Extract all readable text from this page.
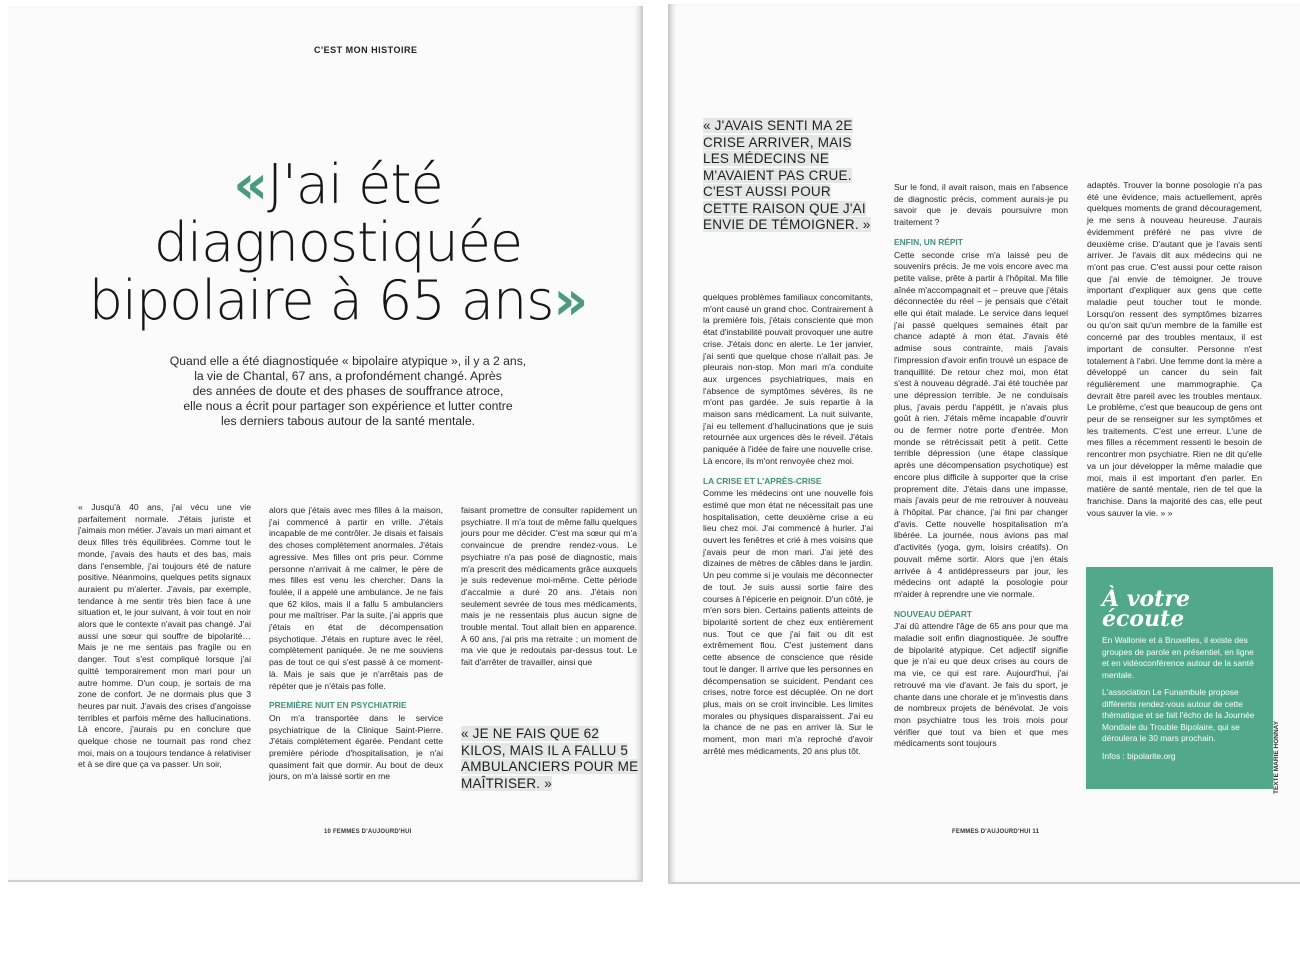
C'EST MON HISTOIRE
«J'ai été
diagnostiquée
bipolaire à 65 ans»
Quand elle a été diagnostiquée « bipolaire atypique », il y a 2 ans,
la vie de Chantal, 67 ans, a profondément changé. Après
des années de doute et des phases de souffrance atroce,
elle nous a écrit pour partager son expérience et lutter contre
les derniers tabous autour de la santé mentale.

« Jusqu'à 40 ans, j'ai vécu une vie parfaitement normale. J'étais juriste et j'aimais mon métier. J'avais un mari aimant et deux filles très équilibrées. Comme tout le monde, j'avais des hauts et des bas, mais dans l'ensemble, j'ai toujours été de nature positive. Néanmoins, quelques petits signaux auraient pu m'alerter. J'avais, par exemple, tendance à me sentir très bien face à une situation et, le jour suivant, à voir tout en noir alors que le contexte n'avait pas changé. J'ai aussi une sœur qui souffre de bipolarité… Mais je ne me sentais pas fragile ou en danger. Tout s'est compliqué lorsque j'ai quitté temporairement mon mari pour un autre homme. D'un coup, je sortais de ma zone de confort. Je ne dormais plus que 3 heures par nuit. J'avais des crises d'angoisse terribles et parfois même des hallucinations. Là encore, j'aurais pu en conclure que quelque chose ne tournait pas rond chez moi, mais on a toujours tendance à relativiser et à se dire que ça va passer. Un soir,

alors que j'étais avec mes filles à la maison, j'ai commencé à partir en vrille. J'étais incapable de me contrôler. Je disais et faisais des choses complètement anormales. J'étais agressive. Mes filles ont pris peur. Comme personne n'arrivait à me calmer, le père de mes filles est venu les chercher. Dans la foulée, il a appelé une ambulance. Je ne fais que 62 kilos, mais il a fallu 5 ambulanciers pour me maîtriser. Par la suite, j'ai appris que j'étais en état de décompensation psychotique. J'étais en rupture avec le réel, complètement paniquée. Je ne me souviens pas de tout ce qui s'est passé à ce moment-là. Mais je sais que je n'arrêtais pas de répéter que je n'étais pas folle.

PREMIÈRE NUIT EN PSYCHIATRIE

On m'a transportée dans le service psychiatrique de la Clinique Saint-Pierre. J'étais complètement égarée. Pendant cette première période d'hospitalisation, je n'ai quasiment fait que dormir. Au bout de deux jours, on m'a laissé sortir en me

faisant promettre de consulter rapidement un psychiatre. Il m'a tout de même fallu quelques jours pour me décider. C'est ma sœur qui m'a convaincue de prendre rendez-vous. Le psychiatre n'a pas posé de diagnostic, mais m'a prescrit des médicaments grâce auxquels je suis redevenue moi-même. Cette période d'accalmie a duré 20 ans. J'étais non seulement sevrée de tous mes médicaments, mais je ne ressentais plus aucun signe de trouble mental. Tout allait bien en apparence. À 60 ans, j'ai pris ma retraite ; un moment de ma vie que je redoutais par-dessus tout. Le fait d'arrêter de travailler, ainsi que

« JE NE FAIS QUE 62 KILOS, MAIS IL A FALLU 5 AMBULANCIERS POUR ME MAÎTRISER. »
10 FEMMES D'AUJOURD'HUI
« J'AVAIS SENTI MA 2E CRISE ARRIVER, MAIS LES MÉDECINS NE M'AVAIENT PAS CRUE. C'EST AUSSI POUR CETTE RAISON QUE J'AI ENVIE DE TÉMOIGNER. »

quelques problèmes familiaux concomitants, m'ont causé un grand choc. Contrairement à la première fois, j'étais consciente que mon état d'instabilité pouvait provoquer une autre crise. J'étais donc en alerte. Le 1er janvier, j'ai senti que quelque chose n'allait pas. Je pleurais non-stop. Mon mari m'a conduite aux urgences psychiatriques, mais en l'absence de symptômes sévères, ils ne m'ont pas gardée. Je suis repartie à la maison sans médicament. La nuit suivante, j'ai eu tellement d'hallucinations que je suis retournée aux urgences dès le réveil. J'étais paniquée à l'idée de faire une nouvelle crise. Là encore, ils m'ont renvoyée chez moi.

LA CRISE ET L'APRÈS-CRISE

Comme les médecins ont une nouvelle fois estimé que mon état ne nécessitait pas une hospitalisation, cette deuxième crise a eu lieu chez moi. J'ai commencé à hurler. J'ai ouvert les fenêtres et crié à mes voisins que j'avais peur de mon mari. J'ai jeté des dizaines de mètres de câbles dans le jardin. Un peu comme si je voulais me déconnecter de tout. Je suis aussi sortie faire des courses à l'épicerie en peignoir. D'un côté, je m'en sors bien. Certains patients atteints de bipolarité sortent de chez eux entièrement nus. Tout ce que j'ai fait ou dit est extrêmement flou. C'est justement dans cette absence de conscience que réside tout le danger. Il arrive que les personnes en décompensation se suicident. Pendant ces crises, notre force est décuplée. On ne dort plus, mais on se croit invincible. Les limites morales ou physiques disparaissent. J'ai eu la chance de ne pas en arriver là. Sur le moment, mon mari m'a reproché d'avoir arrêté mes médicaments, 20 ans plus tôt.

Sur le fond, il avait raison, mais en l'absence de diagnostic précis, comment aurais-je pu savoir que je devais poursuivre mon traitement ?

ENFIN, UN RÉPIT

Cette seconde crise m'a laissé peu de souvenirs précis. Je me vois encore avec ma petite valise, prête à partir à l'hôpital. Ma fille aînée m'accompagnait et – preuve que j'étais déconnectée du réel – je pensais que c'était elle qui était malade. Le service dans lequel j'ai passé quelques semaines était par chance adapté à mon état. J'avais été admise sous contrainte, mais j'avais l'impression d'avoir enfin trouvé un espace de tranquillité. De retour chez moi, mon état s'est à nouveau dégradé. J'ai été touchée par une dépression terrible. Je ne conduisais plus, j'avais perdu l'appétit, je n'avais plus goût à rien. J'étais même incapable d'ouvrir ou de fermer notre porte d'entrée. Mon monde se rétrécissait petit à petit. Cette terrible dépression (une étape classique après une décompensation psychotique) est encore plus difficile à supporter que la crise proprement dite. J'étais dans une impasse, mais j'avais peur de me retrouver à nouveau à l'hôpital. Par chance, j'ai fini par changer d'avis. Cette nouvelle hospitalisation m'a libérée. La journée, nous avions pas mal d'activités (yoga, gym, loisirs créatifs). On pouvait même sortir. Alors que j'en étais arrivée à 4 antidépresseurs par jour, les médecins ont adapté la posologie pour m'aider à reprendre une vie normale.

NOUVEAU DÉPART

J'ai dû attendre l'âge de 65 ans pour que ma maladie soit enfin diagnostiquée. Je souffre de bipolarité atypique. Cet adjectif signifie que je n'ai eu que deux crises au cours de ma vie, ce qui est rare. Aujourd'hui, j'ai retrouvé ma vie d'avant. Je fais du sport, je chante dans une chorale et je m'investis dans de nombreux projets de bénévolat. Je vois mon psychiatre tous les trois mois pour vérifier que tout va bien et que mes médicaments sont toujours

adaptés. Trouver la bonne posologie n'a pas été une évidence, mais actuellement, après quelques moments de grand découragement, je me sens à nouveau heureuse. J'aurais évidemment préféré ne pas vivre de deuxième crise. D'autant que je l'avais senti arriver. Je l'avais dit aux médecins qui ne m'ont pas crue. C'est aussi pour cette raison que j'ai envie de témoigner. Je trouve important d'expliquer aux gens que cette maladie peut toucher tout le monde. Lorsqu'on ressent des symptômes bizarres ou qu'on sait qu'un membre de la famille est concerné par des troubles mentaux, il est important de consulter. Personne n'est totalement à l'abri. Une femme dont la mère a développé un cancer du sein fait régulièrement une mammographie. Ça devrait être pareil avec les troubles mentaux. Le problème, c'est que beaucoup de gens ont peur de se renseigner sur les symptômes et les traitements. C'est une erreur. L'une de mes filles a récemment ressenti le besoin de rencontrer mon psychiatre. Rien ne dit qu'elle va un jour développer la même maladie que moi, mais il est important d'en parler. En matière de santé mentale, rien de tel que la franchise. Dans la majorité des cas, elle peut vous sauver la vie. » »

À votre
écoute
En Wallonie et à Bruxelles, il existe des groupes de parole en présentiel, en ligne et en vidéoconférence autour de la santé mentale.
L'association Le Funambule propose différents rendez-vous autour de cette thématique et se fait l'écho de la Journée Mondiale du Trouble Bipolaire, qui se déroulera le 30 mars prochain.
Infos : bipolarite.org	TEXTE MARIE HONNAY
FEMMES D'AUJOURD'HUI 11
